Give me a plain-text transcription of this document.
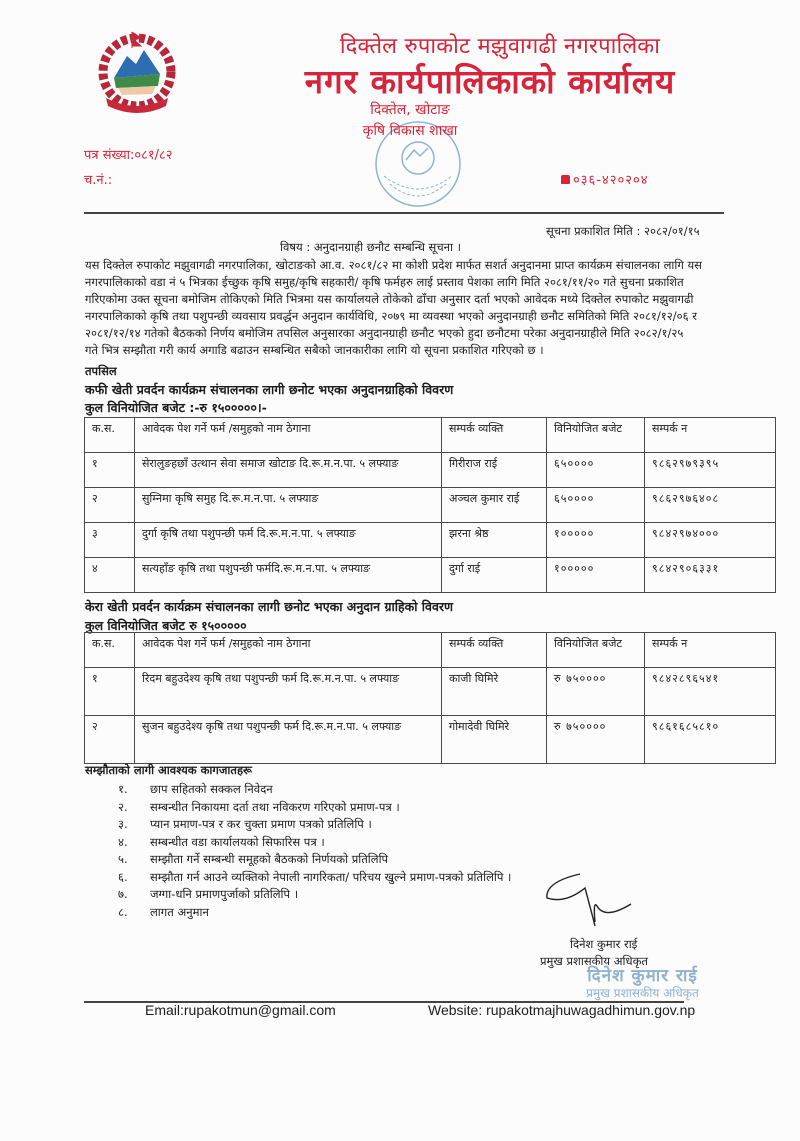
दिक्तेल रुपाकोट मझुवागढी नगरपालिका
नगर कार्यपालिकाको कार्यालय
दिक्तेल, खोटाङ
कृषि विकास शाखा
पत्र संख्या:०८१/८२
च.नं.:	०३६-४२०२०४
सूचना प्रकाशित मिति : २०८२/०१/१५
विषय : अनुदानग्राही छनौट सम्बन्धि सूचना ।
यस दिक्तेल रुपाकोट मझुवागढी नगरपालिका, खोटाङको आ.व. २०८१/८२ मा कोशी प्रदेश मार्फत सशर्त अनुदानमा प्राप्त कार्यक्रम संचालनका लागि यस
नगरपालिकाको वडा नं ५ भित्रका ईच्छुक कृषि समुह/कृषि सहकारी/ कृषि फर्महरु लाई प्रस्ताव पेशका लागि मिति २०८१/११/२० गते सुचना प्रकाशित
गरिएकोमा उक्त सूचना बमोजिम तोकिएको मिति भित्रमा यस कार्यालयले तोकेको ढाँचा अनुसार दर्ता भएको आवेदक मध्ये दिक्तेल रुपाकोट मझुवागढी
नगरपालिकाको कृषि तथा पशुपन्छी व्यवसाय प्रवर्द्धन अनुदान कार्यविधि, २०७९ मा व्यवस्था भएको अनुदानग्राही छनौट समितिको मिति २०८१/१२/०६ र
२०८१/१२/१४ गतेको बैठकको निर्णय बमोजिम तपसिल अनुसारका अनुदानग्राही छनौट भएको हुदा छनौटमा परेका अनुदानग्राहीले मिति २०८२/१/२५
गते भित्र सम्झौता गरी कार्य अगाडि बढाउन सम्बन्धित सबैको जानकारीका लागि यो सूचना प्रकाशित गरिएको छ ।
तपसिल
कफी खेती प्रवर्दन कार्यक्रम संचालनका लागी छनोट भएका अनुदानग्राहिको विवरण
कुल विनियोजित बजेट :-रु १५०००००।-
क.स.	आवेदक पेश गर्ने फर्म /समुहको नाम ठेगाना	सम्पर्क व्यक्ति	विनियोजित बजेट	सम्पर्क न
१	सेरालुङहछाँ उत्थान सेवा समाज खोटाङ दि.रू.म.न.पा. ५ लफ्याङ	गिरीराज राई	६५००००	९८६२९७९३९५
२	सुम्निमा कृषि समुह दि.रू.म.न.पा. ५ लफ्याङ	अञ्चल कुमार राई	६५००००	९८६२९७६४०८
३	दुर्गा कृषि तथा पशुपन्छी फर्म दि.रू.म.न.पा. ५ लफ्याङ	झरना श्रेष्ठ	१०००००	९८४२९७४०००
४	सत्यहाँङ कृषि तथा पशुपन्छी फर्मदि.रू.म.न.पा. ५ लफ्याङ	दुर्गा राई	१०००००	९८४२९०६३३१
केरा खेती प्रवर्दन कार्यक्रम संचालनका लागी छनोट भएका अनुदान ग्राहिको विवरण
कुल विनियोजित बजेट रु १५०००००
क.स.	आवेदक पेश गर्ने फर्म /समुहको नाम ठेगाना	सम्पर्क व्यक्ति	विनियोजित बजेट	सम्पर्क न
१	रिदम बहुउदेश्य कृषि तथा पशुपन्छी फर्म दि.रू.म.न.पा. ५ लफ्याङ	काजी घिमिरे	रु ७५००००	९८४२८९६५४१
२	सुजन बहुउदेश्य कृषि तथा पशुपन्छी फर्म दि.रू.म.न.पा. ५ लफ्याङ	गोमादेवी घिमिरे	रु ७५००००	९८६१६८५८१०
सम्झौताको लागी आवश्यक कागजातहरू
१.	छाप सहितको सक्कल निवेदन
२.	सम्बन्धीत निकायमा दर्ता तथा नविकरण गरिएको प्रमाण-पत्र ।
३.	प्यान प्रमाण-पत्र र कर चुक्ता प्रमाण पत्रको प्रतिलिपि ।
४.	सम्बन्धीत वडा कार्यालयको सिफारिस पत्र ।
५.	सम्झौता गर्ने सम्बन्धी समूहको बैठकको निर्णयको प्रतिलिपि
६.	सम्झौता गर्न आउने व्यक्तिको नेपाली नागरिकता/ परिचय खुल्ने प्रमाण-पत्रको प्रतिलिपि ।
७.	जग्गा-धनि प्रमाणपुर्जाको प्रतिलिपि ।
८.	लागत अनुमान
दिनेश कुमार राई
प्रमुख प्रशासकीय अधिकृत
दिनेश कुमार राई
प्रमुख प्रशासकीय अधिकृत
Email:rupakotmun@gmail.com	Website: rupakotmajhuwagadhimun.gov.np
